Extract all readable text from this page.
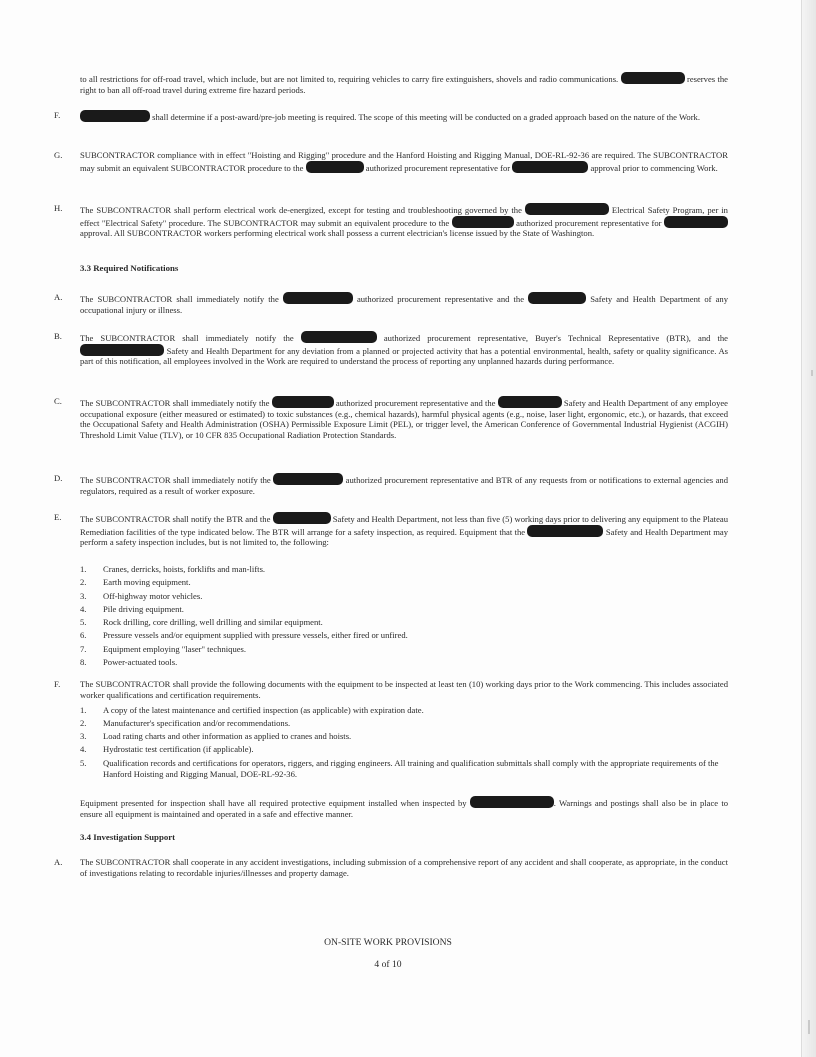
to all restrictions for off-road travel, which include, but are not limited to, requiring vehicles to carry fire extinguishers, shovels and radio communications.	reserves the right to ban all off-road travel during extreme fire hazard periods.
F.	shall determine if a post-award/pre-job meeting is required. The scope of this meeting will be conducted on a graded approach based on the nature of the Work.
G. SUBCONTRACTOR compliance with in effect "Hoisting and Rigging" procedure and the Hanford Hoisting and Rigging Manual, DOE-RL-92-36 are required. The SUBCONTRACTOR may submit an equivalent SUBCONTRACTOR procedure to the	authorized procurement representative for	approval prior to commencing Work.
H. The SUBCONTRACTOR shall perform electrical work de-energized, except for testing and troubleshooting governed by the	Electrical Safety Program, per in effect "Electrical Safety" procedure. The SUBCONTRACTOR may submit an equivalent procedure to the	authorized procurement representative for  approval. All SUBCONTRACTOR workers performing electrical work shall possess a current electrician's license issued by the State of Washington.
3.3 Required Notifications
A. The SUBCONTRACTOR shall immediately notify the	authorized procurement representative and the	Safety and Health Department of any occupational injury or illness.
B. The SUBCONTRACTOR shall immediately notify the	authorized procurement representative, Buyer's Technical Representative (BTR), and the  Safety and Health Department for any deviation from a planned or projected activity that has a potential environmental, health, safety or quality significance. As part of this notification, all employees involved in the Work are required to understand the process of reporting any unplanned hazards during performance.
C. The SUBCONTRACTOR shall immediately notify the	authorized procurement representative and the	Safety and Health Department of any employee occupational exposure (either measured or estimated) to toxic substances (e.g., chemical hazards), harmful physical agents (e.g., noise, laser light, ergonomic, etc.), or hazards, that exceed the Occupational Safety and Health Administration (OSHA) Permissible Exposure Limit (PEL), or trigger level, the American Conference of Governmental Industrial Hygienist (ACGIH) Threshold Limit Value (TLV), or 10 CFR 835 Occupational Radiation Protection Standards.
D. The SUBCONTRACTOR shall immediately notify the	authorized procurement representative and BTR of any requests from or notifications to external agencies and regulators, required as a result of worker exposure.
E. The SUBCONTRACTOR shall notify the BTR and the	Safety and Health Department, not less than five (5) working days prior to delivering any equipment to the Plateau Remediation facilities of the type indicated below. The BTR will arrange for a safety inspection, as required. Equipment that the	Safety and Health Department may perform a safety inspection includes, but is not limited to, the following:
1. Cranes, derricks, hoists, forklifts and man-lifts.
2. Earth moving equipment.
3. Off-highway motor vehicles.
4. Pile driving equipment.
5. Rock drilling, core drilling, well drilling and similar equipment.
6. Pressure vessels and/or equipment supplied with pressure vessels, either fired or unfired.
7. Equipment employing "laser" techniques.
8. Power-actuated tools.
F. The SUBCONTRACTOR shall provide the following documents with the equipment to be inspected at least ten (10) working days prior to the Work commencing. This includes associated worker qualifications and certification requirements.
1. A copy of the latest maintenance and certified inspection (as applicable) with expiration date.
2. Manufacturer's specification and/or recommendations.
3. Load rating charts and other information as applied to cranes and hoists.
4. Hydrostatic test certification (if applicable).
5. Qualification records and certifications for operators, riggers, and rigging engineers. All training and qualification submittals shall comply with the appropriate requirements of the Hanford Hoisting and Rigging Manual, DOE-RL-92-36.
Equipment presented for inspection shall have all required protective equipment installed when inspected by	. Warnings and postings shall also be in place to ensure all equipment is maintained and operated in a safe and effective manner.
3.4 Investigation Support
A. The SUBCONTRACTOR shall cooperate in any accident investigations, including submission of a comprehensive report of any accident and shall cooperate, as appropriate, in the conduct of investigations relating to recordable injuries/illnesses and property damage.
ON-SITE WORK PROVISIONS
4 of 10
